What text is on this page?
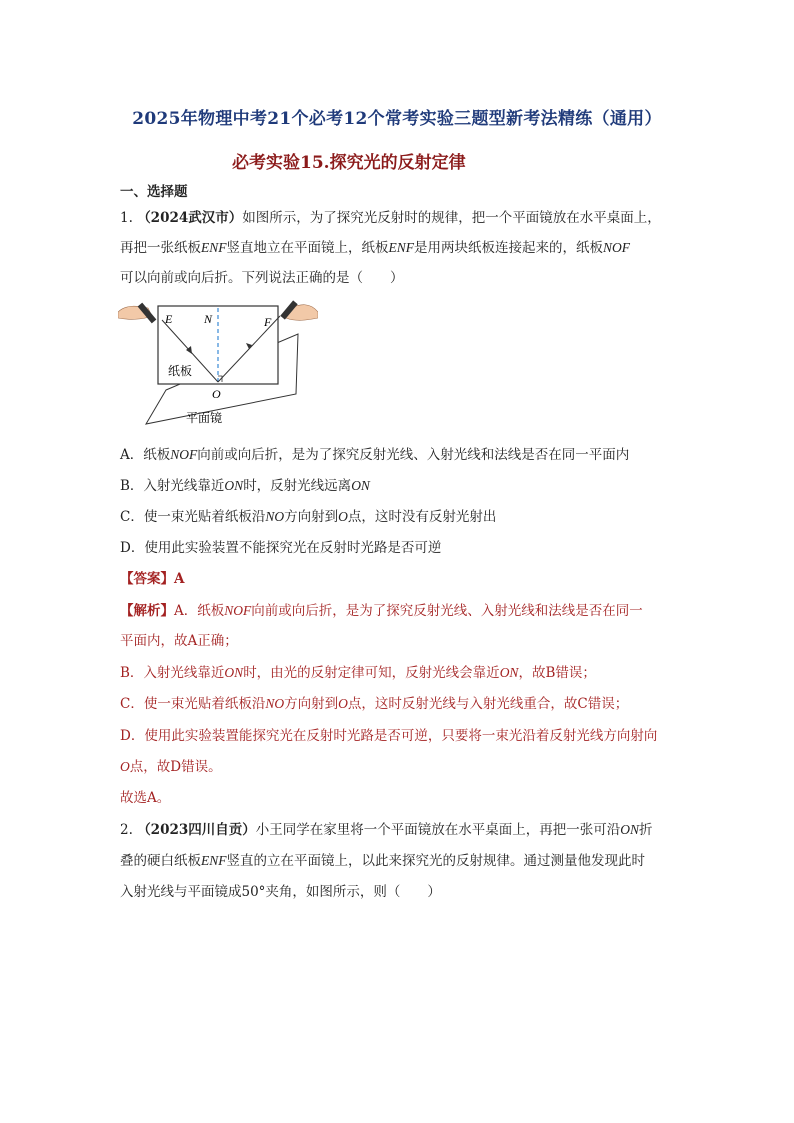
2025年物理中考21个必考12个常考实验三题型新考法精练（通用）
必考实验15.探究光的反射定律
一、选择题
1. （2024武汉市）如图所示，为了探究光反射时的规律，把一个平面镜放在水平桌面上，
再把一张纸板ENF竖直地立在平面镜上，纸板ENF是用两块纸板连接起来的，纸板NOF
可以向前或向后折。下列说法正确的是（　　）
E	N	F
O
纸板
平面镜
A．纸板NOF向前或向后折，是为了探究反射光线、入射光线和法线是否在同一平面内
B．入射光线靠近ON时，反射光线远离ON
C．使一束光贴着纸板沿NO方向射到O点，这时没有反射光射出
D．使用此实验装置不能探究光在反射时光路是否可逆
【答案】A
【解析】A．纸板NOF向前或向后折，是为了探究反射光线、入射光线和法线是否在同一
平面内，故A正确；
B．入射光线靠近ON时，由光的反射定律可知，反射光线会靠近ON，故B错误；
C．使一束光贴着纸板沿NO方向射到O点，这时反射光线与入射光线重合，故C错误；
D．使用此实验装置能探究光在反射时光路是否可逆，只要将一束光沿着反射光线方向射向
O点，故D错误。
故选A。
2. （2023四川自贡）小王同学在家里将一个平面镜放在水平桌面上，再把一张可沿ON折
叠的硬白纸板ENF竖直的立在平面镜上，以此来探究光的反射规律。通过测量他发现此时
入射光线与平面镜成50°夹角，如图所示，则（　　）
